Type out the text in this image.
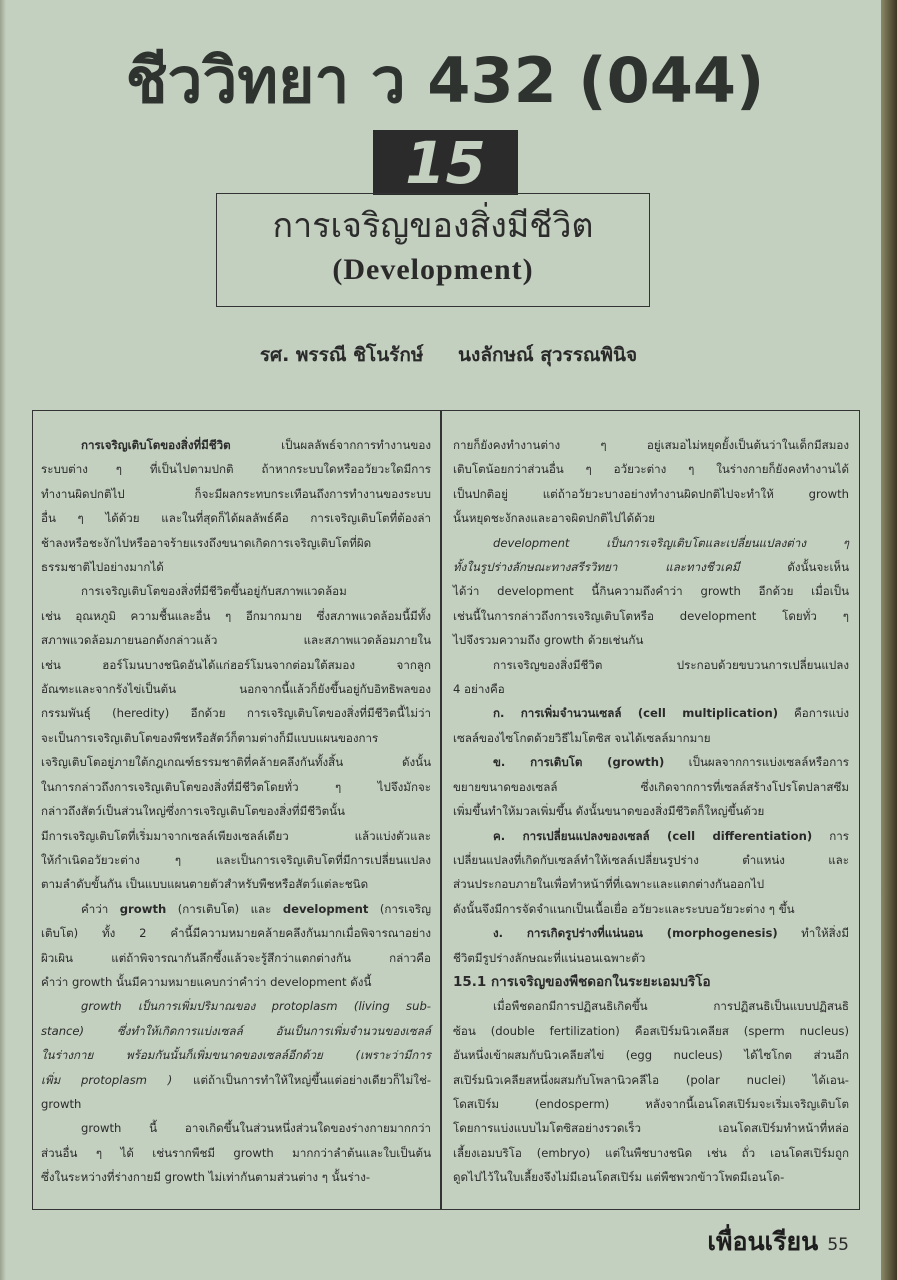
ชีววิทยา ว 432 (044)
15
การเจริญของสิ่งมีชีวิต
(Development)
รศ. พรรณี ชิโนรักษ์ นงลักษณ์ สุวรรณพินิจ
การเจริญเติบโตของสิ่งที่มีชีวิต เป็นผลลัพธ์จากการทำงานของ
ระบบต่าง ๆ ที่เป็นไปตามปกติ ถ้าหากระบบใดหรืออวัยวะใดมีการ
ทำงานผิดปกติไป ก็จะมีผลกระทบกระเทือนถึงการทำงานของระบบ
อื่น ๆ ได้ด้วย และในที่สุดก็ได้ผลลัพธ์คือ การเจริญเติบโตที่ต้องล่า
ช้าลงหรือชะงักไปหรืออาจร้ายแรงถึงขนาดเกิดการเจริญเติบโตที่ผิด
ธรรมชาติไปอย่างมากได้
การเจริญเติบโตของสิ่งที่มีชีวิตขึ้นอยู่กับสภาพแวดล้อม
เช่น อุณหภูมิ ความชื้นและอื่น ๆ อีกมากมาย ซึ่งสภาพแวดล้อมนี้มีทั้ง
สภาพแวดล้อมภายนอกดังกล่าวแล้ว และสภาพแวดล้อมภายใน
เช่น ฮอร์โมนบางชนิดอันได้แก่ฮอร์โมนจากต่อมใต้สมอง จากลูก
อัณฑะและจากรังไข่เป็นต้น นอกจากนี้แล้วก็ยังขึ้นอยู่กับอิทธิพลของ
กรรมพันธุ์ (heredity) อีกด้วย การเจริญเติบโตของสิ่งที่มีชีวิตนี้ไม่ว่า
จะเป็นการเจริญเติบโตของพืชหรือสัตว์ก็ตามต่างก็มีแบบแผนของการ
เจริญเติบโตอยู่ภายใต้กฎเกณฑ์ธรรมชาติที่คล้ายคลึงกันทั้งสิ้น ดังนั้น
ในการกล่าวถึงการเจริญเติบโตของสิ่งที่มีชีวิตโดยทั่ว ๆ ไปจึงมักจะ
กล่าวถึงสัตว์เป็นส่วนใหญ่ซึ่งการเจริญเติบโตของสิ่งที่มีชีวิตนั้น
มีการเจริญเติบโตที่เริ่มมาจากเซลล์เพียงเซลล์เดียว แล้วแบ่งตัวและ
ให้กำเนิดอวัยวะต่าง ๆ และเป็นการเจริญเติบโตที่มีการเปลี่ยนแปลง
ตามลำดับขั้นกัน เป็นแบบแผนตายตัวสำหรับพืชหรือสัตว์แต่ละชนิด
คำว่า growth (การเติบโต) และ development (การเจริญ
เติบโต) ทั้ง 2 คำนี้มีความหมายคล้ายคลึงกันมากเมื่อพิจารณาอย่าง
ผิวเผิน แต่ถ้าพิจารณากันลึกซึ้งแล้วจะรู้สึกว่าแตกต่างกัน กล่าวคือ
คำว่า growth นั้นมีความหมายแคบกว่าคำว่า development ดังนี้
growth เป็นการเพิ่มปริมาณของ protoplasm (living sub-
stance) ซึ่งทำให้เกิดการแบ่งเซลล์ อันเป็นการเพิ่มจำนวนของเซลล์
ในร่างกาย พร้อมกันนั้นก็เพิ่มขนาดของเซลล์อีกด้วย (เพราะว่ามีการ
เพิ่ม protoplasm ) แต่ถ้าเป็นการทำให้ใหญ่ขึ้นแต่อย่างเดียวก็ไม่ใช่-
growth
growth นี้ อาจเกิดขึ้นในส่วนหนึ่งส่วนใดของร่างกายมากกว่า
ส่วนอื่น ๆ ได้ เช่นรากพืชมี growth มากกว่าลำต้นและใบเป็นต้น
ซึ่งในระหว่างที่ร่างกายมี growth ไม่เท่ากันตามส่วนต่าง ๆ นั้นร่าง-
กายก็ยังคงทำงานต่าง ๆ อยู่เสมอไม่หยุดยั้งเป็นต้นว่าในเด็กมีสมอง
เติบโตน้อยกว่าส่วนอื่น ๆ อวัยวะต่าง ๆ ในร่างกายก็ยังคงทำงานได้
เป็นปกติอยู่ แต่ถ้าอวัยวะบางอย่างทำงานผิดปกติไปจะทำให้ growth
นั้นหยุดชะงักลงและอาจผิดปกติไปได้ด้วย
development เป็นการเจริญเติบโตและเปลี่ยนแปลงต่าง ๆ
ทั้งในรูปร่างลักษณะทางสรีรวิทยา และทางชีวเคมี ดังนั้นจะเห็น
ได้ว่า development นี้กินความถึงคำว่า growth อีกด้วย เมื่อเป็น
เช่นนี้ในการกล่าวถึงการเจริญเติบโตหรือ development โดยทั่ว ๆ
ไปจึงรวมความถึง growth ด้วยเช่นกัน
การเจริญของสิ่งมีชีวิต ประกอบด้วยขบวนการเปลี่ยนแปลง
4 อย่างคือ
ก. การเพิ่มจำนวนเซลล์ (cell multiplication) คือการแบ่ง
เซลล์ของไซโกตด้วยวิธีไมโตซิส จนได้เซลล์มากมาย
ข. การเติบโต (growth) เป็นผลจากการแบ่งเซลล์หรือการ
ขยายขนาดของเซลล์ ซึ่งเกิดจากการที่เซลล์สร้างโปรโตปลาสซึม
เพิ่มขึ้นทำให้มวลเพิ่มขึ้น ดังนั้นขนาดของสิ่งมีชีวิตก็ใหญ่ขึ้นด้วย
ค. การเปลี่ยนแปลงของเซลล์ (cell differentiation) การ
เปลี่ยนแปลงที่เกิดกับเซลล์ทำให้เซลล์เปลี่ยนรูปร่าง ตำแหน่ง และ
ส่วนประกอบภายในเพื่อทำหน้าที่ที่เฉพาะและแตกต่างกันออกไป
ดังนั้นจึงมีการจัดจำแนกเป็นเนื้อเยื่อ อวัยวะและระบบอวัยวะต่าง ๆ ขึ้น
ง. การเกิดรูปร่างที่แน่นอน (morphogenesis) ทำให้สิ่งมี
ชีวิตมีรูปร่างลักษณะที่แน่นอนเฉพาะตัว
15.1 การเจริญของพืชดอกในระยะเอมบริโอ
เมื่อพืชดอกมีการปฏิสนธิเกิดขึ้น การปฏิสนธิเป็นแบบปฏิสนธิ
ซ้อน (double fertilization) คือสเปิร์มนิวเคลียส (sperm nucleus)
อันหนึ่งเข้าผสมกับนิวเคลียสไข่ (egg nucleus) ได้ไซโกต ส่วนอีก
สเปิร์มนิวเคลียสหนึ่งผสมกับโพลานิวคลีไอ (polar nuclei) ได้เอน-
โดสเปิร์ม (endosperm) หลังจากนี้เอนโดสเปิร์มจะเริ่มเจริญเติบโต
โดยการแบ่งแบบไมโตซิสอย่างรวดเร็ว เอนโดสเปิร์มทำหน้าที่หล่อ
เลี้ยงเอมบริโอ (embryo) แต่ในพืชบางชนิด เช่น ถั่ว เอนโดสเปิร์มถูก
ดูดไปไว้ในใบเลี้ยงจึงไม่มีเอนโดสเปิร์ม แต่พืชพวกข้าวโพดมีเอนโด-
เพื่อนเรียน 55
